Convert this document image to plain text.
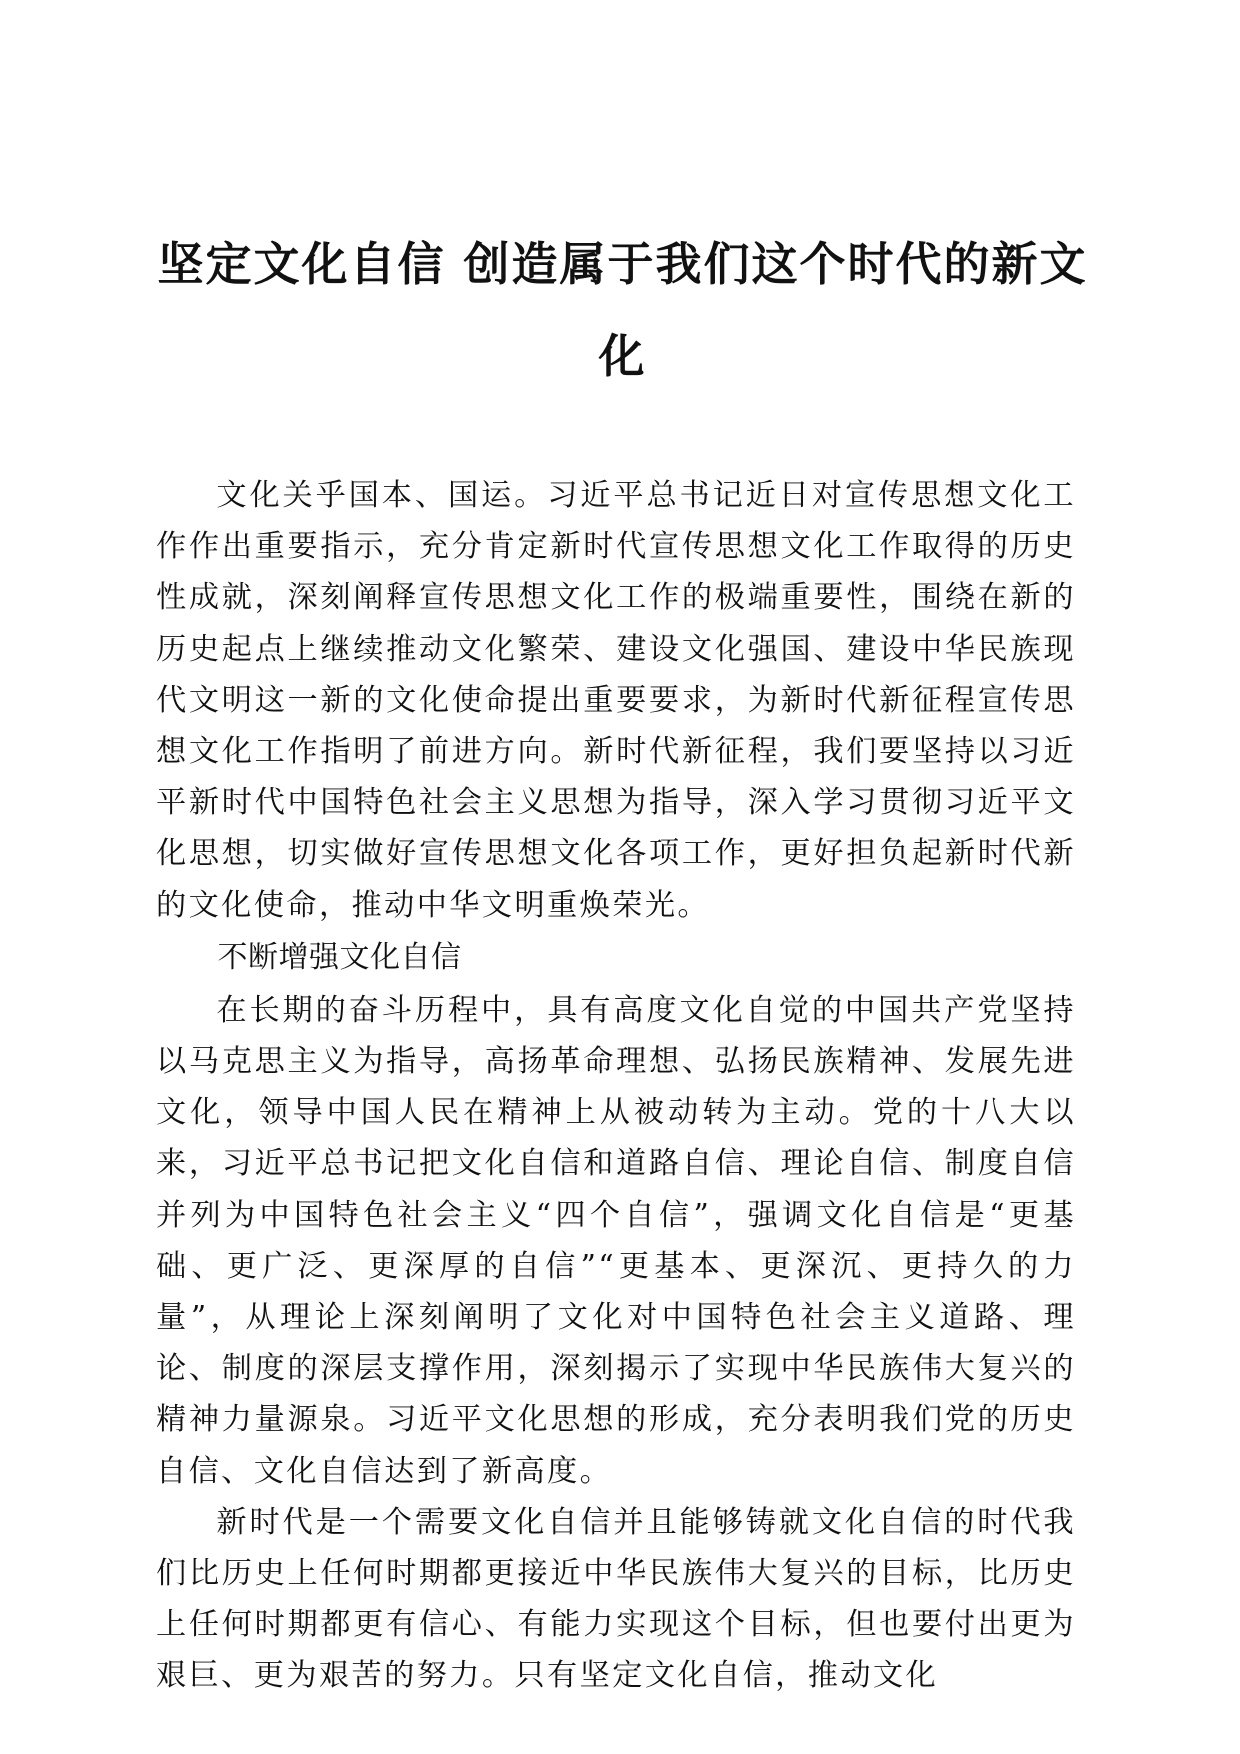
坚定文化自信 创造属于我们这个时代的新文化

文化关乎国本、国运。习近平总书记近日对宣传思想文化工作作出重要指示，充分肯定新时代宣传思想文化工作取得的历史性成就，深刻阐释宣传思想文化工作的极端重要性，围绕在新的历史起点上继续推动文化繁荣、建设文化强国、建设中华民族现代文明这一新的文化使命提出重要要求，为新时代新征程宣传思想文化工作指明了前进方向。新时代新征程，我们要坚持以习近平新时代中国特色社会主义思想为指导，深入学习贯彻习近平文化思想，切实做好宣传思想文化各项工作，更好担负起新时代新的文化使命，推动中华文明重焕荣光。

不断增强文化自信

在长期的奋斗历程中，具有高度文化自觉的中国共产党坚持以马克思主义为指导，高扬革命理想、弘扬民族精神、发展先进文化，领导中国人民在精神上从被动转为主动。党的十八大以来，习近平总书记把文化自信和道路自信、理论自信、制度自信并列为中国特色社会主义“四个自信”，强调文化自信是“更基础、更广泛、更深厚的自信”“更基本、更深沉、更持久的力量”，从理论上深刻阐明了文化对中国特色社会主义道路、理论、制度的深层支撑作用，深刻揭示了实现中华民族伟大复兴的精神力量源泉。习近平文化思想的形成，充分表明我们党的历史自信、文化自信达到了新高度。

新时代是一个需要文化自信并且能够铸就文化自信的时代我们比历史上任何时期都更接近中华民族伟大复兴的目标，比历史上任何时期都更有信心、有能力实现这个目标，但也要付出更为艰巨、更为艰苦的努力。只有坚定文化自信，推动文化
